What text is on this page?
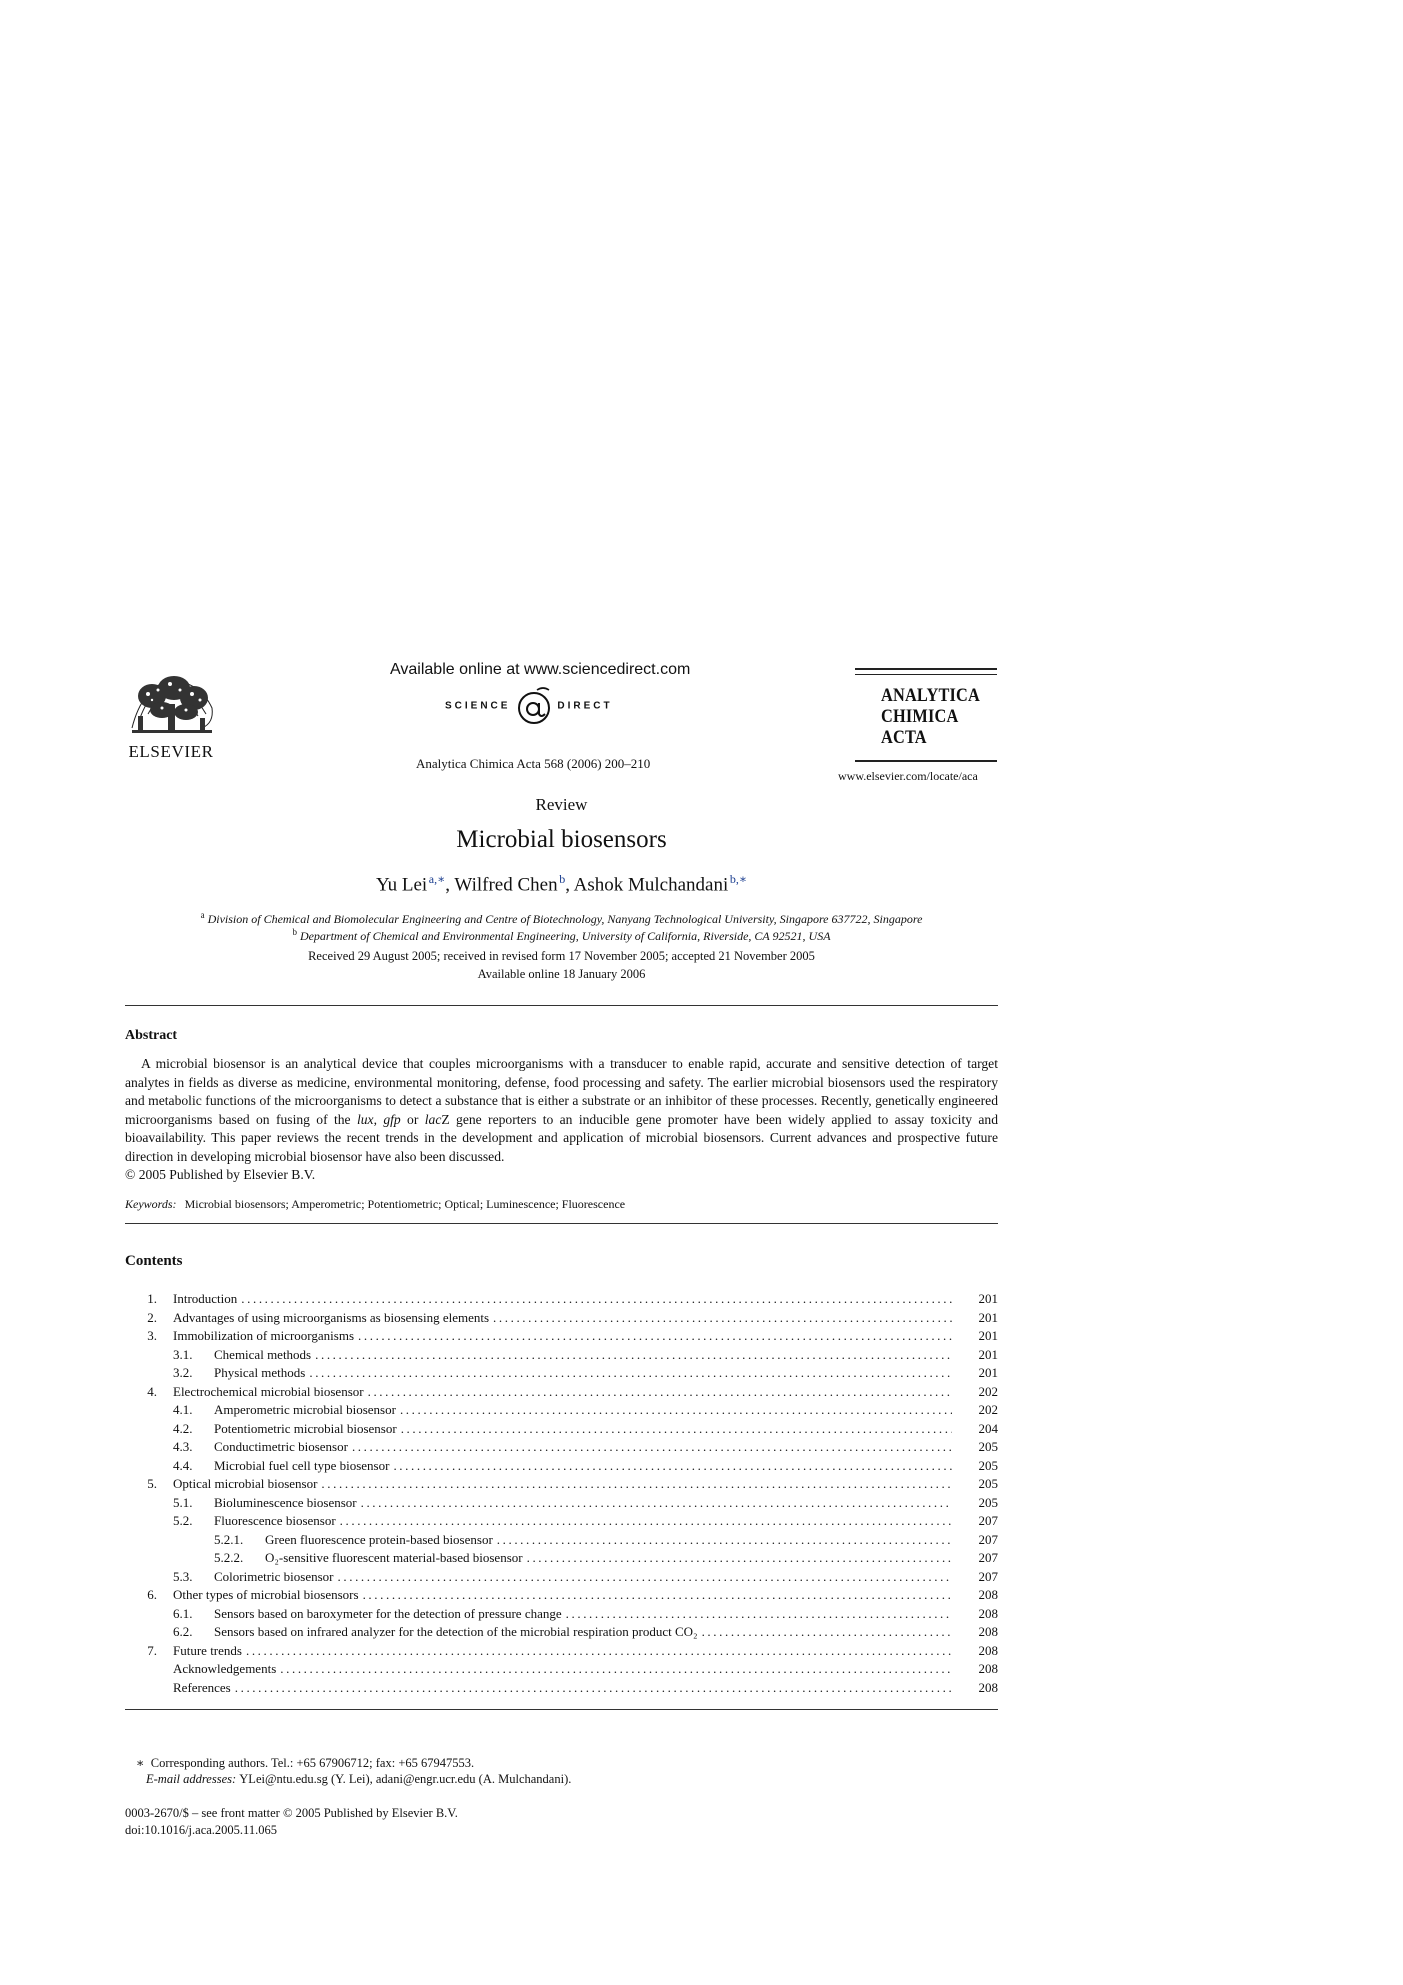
ELSEVIER
Available online at www.sciencedirect.com
SCIENCE	DIRECT
Analytica Chimica Acta 568 (2006) 200–210
ANALYTICA
CHIMICA
ACTA
www.elsevier.com/locate/aca
Review
Microbial biosensors
Yu Lei  $^{a,∗}$, Wilfred Chen  $^b$, Ashok Mulchandani  $^{b,∗}$
$^a$ Division of Chemical and Biomolecular Engineering and Centre of Biotechnology, Nanyang Technological University, Singapore 637722, Singapore
$^b$ Department of Chemical and Environmental Engineering, University of California, Riverside, CA 92521, USA
Received 29 August 2005; received in revised form 17 November 2005; accepted 21 November 2005
Available online 18 January 2006
Abstract
A microbial biosensor is an analytical device that couples microorganisms with a transducer to enable rapid, accurate and sensitive detection of target analytes in fields as diverse as medicine, environmental monitoring, defense, food processing and safety. The earlier microbial biosensors used the respiratory and metabolic functions of the microorganisms to detect a substance that is either a substrate or an inhibitor of these processes. Recently, genetically engineered microorganisms based on fusing of the lux, gfp or lacZ gene reporters to an inducible gene promoter have been widely applied to assay toxicity and bioavailability. This paper reviews the recent trends in the development and application of microbial biosensors. Current advances and prospective future direction in developing microbial biosensor have also been discussed.
© 2005 Published by Elsevier B.V.
Keywords: Microbial biosensors; Amperometric; Potentiometric; Optical; Luminescence; Fluorescence
Contents
1.	Introduction .....	201
2.	Advantages of using microorganisms as biosensing elements .....	201
3.	Immobilization of microorganisms .....	201
3.1.	Chemical methods .....	201
3.2.	Physical methods .....	201
4.	Electrochemical microbial biosensor .....	202
4.1.	Amperometric microbial biosensor .....	202
4.2.	Potentiometric microbial biosensor .....	204
4.3.	Conductimetric biosensor .....	205
4.4.	Microbial fuel cell type biosensor .....	205
5.	Optical microbial biosensor .....	205
5.1.	Bioluminescence biosensor .....	205
5.2.	Fluorescence biosensor .....	207
5.2.1.	Green fluorescence protein-based biosensor .....	207
5.2.2.	O₂-sensitive fluorescent material-based biosensor .....	207
5.3.	Colorimetric biosensor .....	207
6.	Other types of microbial biosensors .....	208
6.1.	Sensors based on baroxymeter for the detection of pressure change .....	208
6.2.	Sensors based on infrared analyzer for the detection of the microbial respiration product CO₂ .....	208
7.	Future trends .....	208
Acknowledgements .....	208
References .....	208
∗ Corresponding authors. Tel.: +65 67906712; fax: +65 67947553.
E-mail addresses: YLei@ntu.edu.sg (Y. Lei), adani@engr.ucr.edu (A. Mulchandani).
0003-2670/$ – see front matter © 2005 Published by Elsevier B.V.
doi:10.1016/j.aca.2005.11.065
